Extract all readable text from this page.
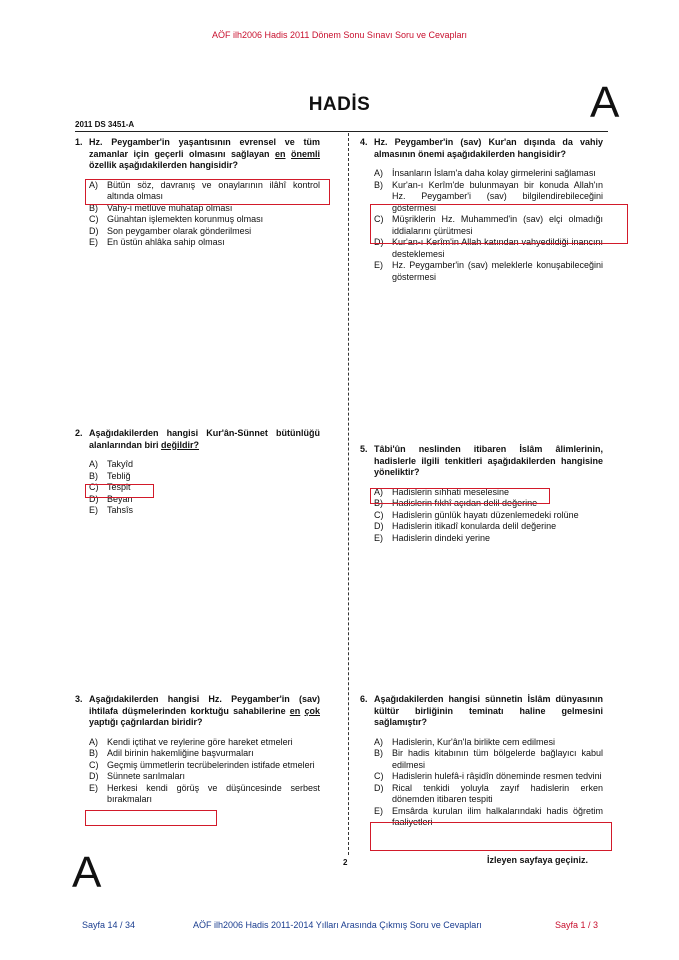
AÖF ilh2006 Hadis 2011 Dönem Sonu Sınavı Soru ve Cevapları
HADİS	A
2011 DS 3451-A
1. Hz. Peygamber'in yaşantısının evrensel ve tüm zamanlar için geçerli olmasını sağlayan en önemli özellik aşağıdakilerden hangisidir?
A)	Bütün söz, davranış ve onaylarının ilâhî kontrol altında olması
B)	Vahy-i metlüve muhatap olması
C) Günahtan işlemekten korunmuş olması
D) Son peygamber olarak gönderilmesi
E)	En üstün ahlâka sahip olması
2. Aşağıdakilerden hangisi Kur'ân-Sünnet bütünlüğü alanlarından biri değildir?
A)	Takyîd
B)	Tebliğ
C) Tespit
D) Beyan
E)	Tahsîs
3. Aşağıdakilerden hangisi Hz. Peygamber'in (sav) ihtilafa düşmelerinden korktuğu sahabilerine en çok yaptığı çağrılardan biridir?
A)	Kendi içtihat ve reylerine göre hareket etmeleri
B)	Adil birinin hakemliğine başvurmaları
C) Geçmiş ümmetlerin tecrübelerinden istifade etmeleri
D) Sünnete sarılmaları
E)	Herkesi kendi görüş ve düşüncesinde serbest bırakmaları
4. Hz. Peygamber'in (sav) Kur'an dışında da vahiy almasının önemi aşağıdakilerden hangisidir?
A)	İnsanların İslam'a daha kolay girmelerini sağlaması
B)	Kur'an-ı Kerîm'de bulunmayan bir konuda Allah'ın Hz. Peygamber'i (sav) bilgilendirebileceğini göstermesi
C) Müşriklerin Hz. Muhammed'in (sav) elçi olmadığı iddialarını çürütmesi
D) Kur'an-ı Kerîm'in Allah katından vahyedildiği inancını desteklemesi
E)	Hz. Peygamber'in (sav) meleklerle konuşabileceğini göstermesi
5. Tâbi'ûn neslinden itibaren İslâm âlimlerinin, hadislerle ilgili tenkitleri aşağıdakilerden hangisine yöneliktir?
A)	Hadislerin sıhhati meselesine
B)	Hadislerin fıkhî açıdan delil değerine
C) Hadislerin günlük hayatı düzenlemedeki rolüne
D) Hadislerin itikadî konularda delil değerine
E)	Hadislerin dindeki yerine
6. Aşağıdakilerden hangisi sünnetin İslâm dünyasının kültür birliğinin teminatı haline gelmesini sağlamıştır?
A)	Hadislerin, Kur'ân'la birlikte cem edilmesi
B)	Bir hadis kitabının tüm bölgelerde bağlayıcı kabul edilmesi
C) Hadislerin hulefâ-i râşidîn döneminde resmen tedvini
D) Rical tenkidi yoluyla zayıf hadislerin erken dönemden itibaren tespiti
E)	Emsârda kurulan ilim halkalarındaki hadis öğretim faaliyetleri
2	İzleyen sayfaya geçiniz.
A
Sayfa 14 / 34	AÖF ilh2006 Hadis 2011-2014 Yılları Arasında Çıkmış Soru ve Cevapları	Sayfa 1 / 3
